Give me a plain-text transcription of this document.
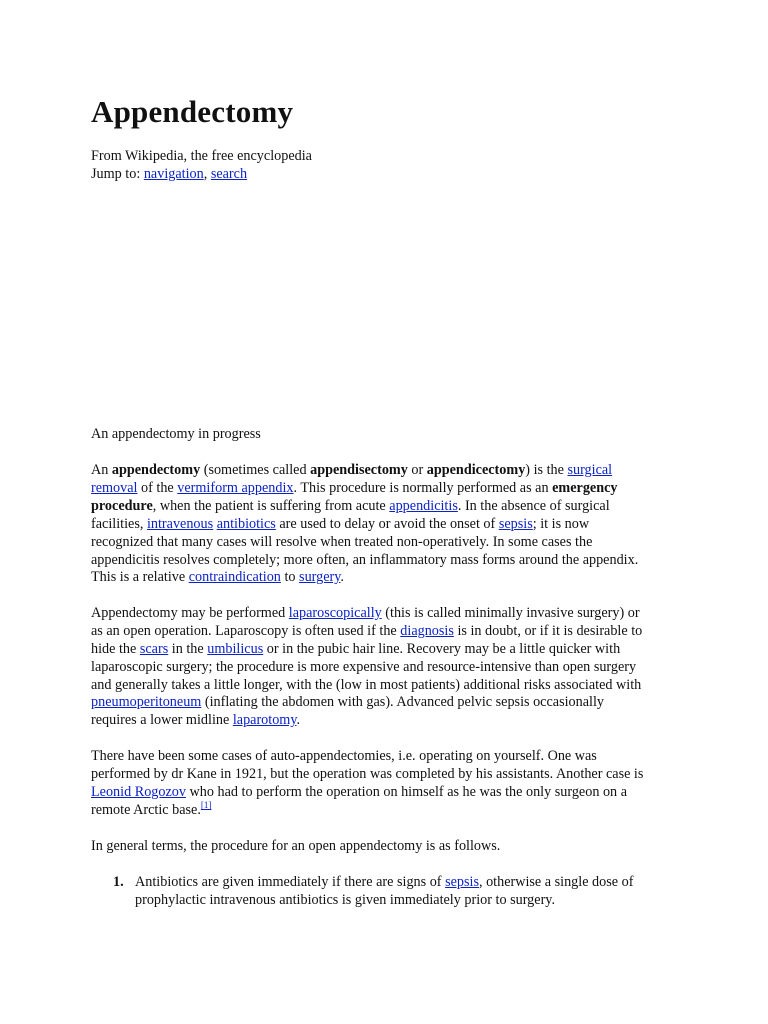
Appendectomy
From Wikipedia, the free encyclopedia
Jump to: navigation, search
An appendectomy in progress
An appendectomy (sometimes called appendisectomy or appendicectomy) is the surgical
removal of the vermiform appendix. This procedure is normally performed as an emergency
procedure, when the patient is suffering from acute appendicitis. In the absence of surgical
facilities, intravenous antibiotics are used to delay or avoid the onset of sepsis; it is now
recognized that many cases will resolve when treated non-operatively. In some cases the
appendicitis resolves completely; more often, an inflammatory mass forms around the appendix.
This is a relative contraindication to surgery.
Appendectomy may be performed laparoscopically (this is called minimally invasive surgery) or
as an open operation. Laparoscopy is often used if the diagnosis is in doubt, or if it is desirable to
hide the scars in the umbilicus or in the pubic hair line. Recovery may be a little quicker with
laparoscopic surgery; the procedure is more expensive and resource-intensive than open surgery
and generally takes a little longer, with the (low in most patients) additional risks associated with
pneumoperitoneum (inflating the abdomen with gas). Advanced pelvic sepsis occasionally
requires a lower midline laparotomy.
There have been some cases of auto-appendectomies, i.e. operating on yourself. One was
performed by dr Kane in 1921, but the operation was completed by his assistants. Another case is
Leonid Rogozov who had to perform the operation on himself as he was the only surgeon on a
remote Arctic base.[1]
In general terms, the procedure for an open appendectomy is as follows.
1. Antibiotics are given immediately if there are signs of sepsis, otherwise a single dose of
prophylactic intravenous antibiotics is given immediately prior to surgery.
